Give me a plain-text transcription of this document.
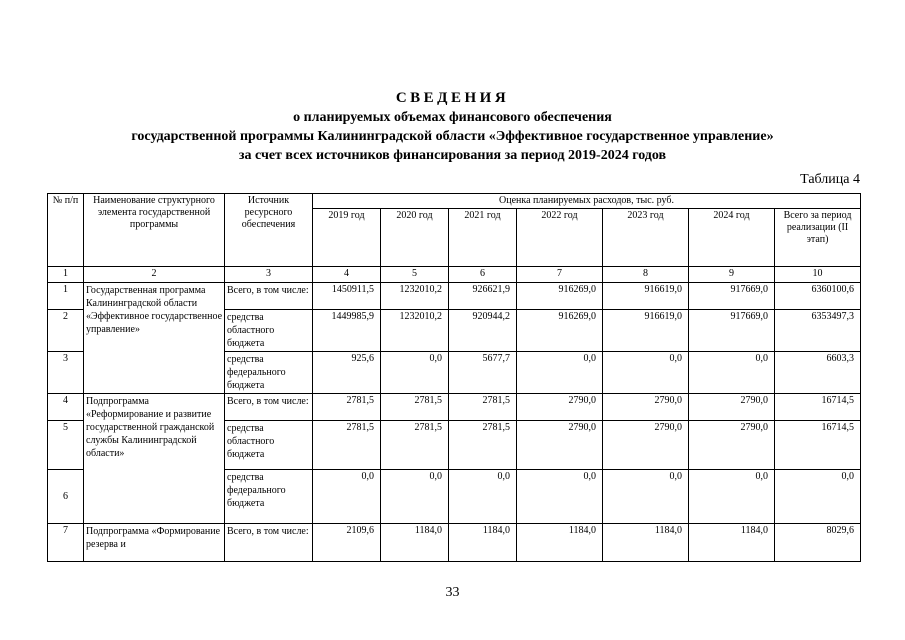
СВЕДЕНИЯ
о планируемых объемах финансового обеспечения
государственной программы Калининградской области «Эффективное государственное управление»
за счет всех источников финансирования за период 2019-2024 годов
Таблица 4
№ п/п	Наименование структурного элемента государственной программы	Источник ресурсного обеспечения	Оценка планируемых расходов, тыс. руб.						
			2019 год	2020 год	2021 год	2022 год	2023 год	2024 год	Всего за период реализации (II этап)
1	2	3	4	5	6	7	8	9	10
1	Государственная программа Калининградской области «Эффективное государственное управление»	Всего, в том числе:	1450911,5	1232010,2	926621,9	916269,0	916619,0	917669,0	6360100,6
2		средства областного бюджета	1449985,9	1232010,2	920944,2	916269,0	916619,0	917669,0	6353497,3
3		средства федерального бюджета	925,6	0,0	5677,7	0,0	0,0	0,0	6603,3
4	Подпрограмма «Реформирование и развитие государственной гражданской службы Калининградской области»	Всего, в том числе:	2781,5	2781,5	2781,5	2790,0	2790,0	2790,0	16714,5
5		средства областного бюджета	2781,5	2781,5	2781,5	2790,0	2790,0	2790,0	16714,5
6		средства федерального бюджета	0,0	0,0	0,0	0,0	0,0	0,0	0,0
7	Подпрограмма «Формирование резерва и	Всего, в том числе:	2109,6	1184,0	1184,0	1184,0	1184,0	1184,0	8029,6
33
